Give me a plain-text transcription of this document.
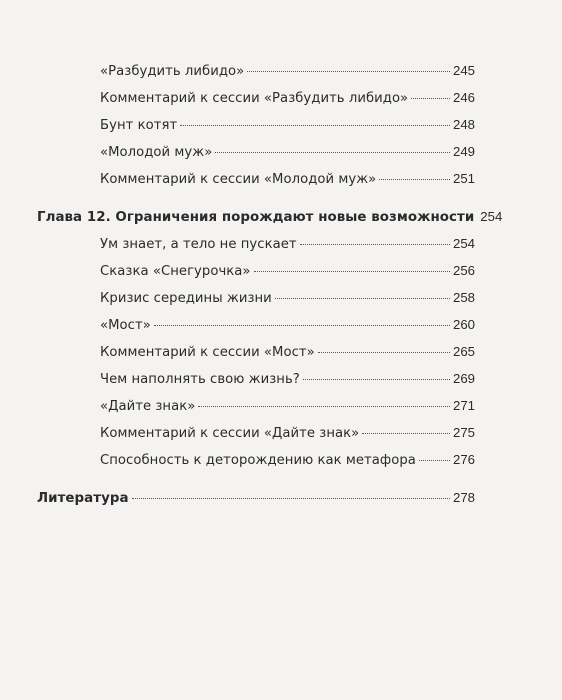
«Разбудить либидо»	245
Комментарий к сессии «Разбудить либидо»	246
Бунт котят	248
«Молодой муж»	249
Комментарий к сессии «Молодой муж»	251
Глава 12. Ограничения порождают новые возможности 254
Ум знает, а тело не пускает	254
Сказка «Снегурочка»	256
Кризис середины жизни	258
«Мост»	260
Комментарий к сессии «Мост»	265
Чем наполнять свою жизнь?	269
«Дайте знак»	271
Комментарий к сессии «Дайте знак»	275
Способность к деторождению как метафора	276
Литература	278
